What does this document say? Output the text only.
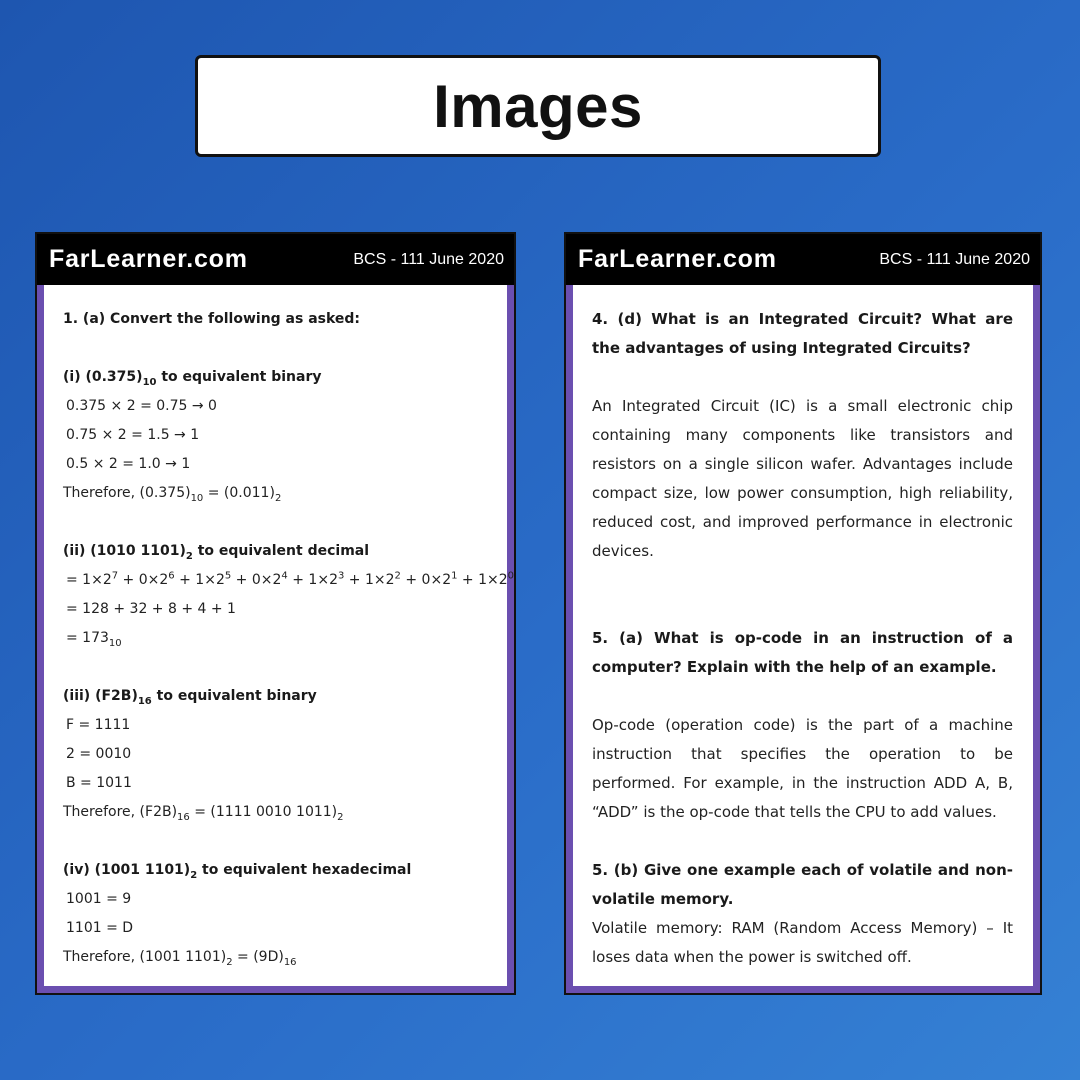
Images
FarLearner.com	BCS - 111 June 2020
1. (a) Convert the following as asked:
(i) $(0.375)_{10}$ to equivalent binary
0.375 × 2 = 0.75 → 0
0.75 × 2 = 1.5 → 1
0.5 × 2 = 1.0 → 1
Therefore, $(0.375)_{10} = (0.011)_2$
(ii) (1010 $1101)_2$ to equivalent decimal
= $1\times 2^7 + 0\times 2^6 + 1\times 2^5 + 0\times 2^4 + 1\times 2^3 + 1\times 2^2 + 0\times 2^1 + 1\times 2^0$
= 128 + 32 + 8 + 4 + 1
= $173_{10}$
(iii) $(F2B)_{16}$ to equivalent binary
F = 1111
2 = 0010
B = 1011
Therefore, $(F2B)_{16} = (1111$ 0010 $1011)_2$
(iv) (1001 $1101)_2$ to equivalent hexadecimal
1001 = 9
1101 = D
Therefore, (1001 $1101)_2 = (9D)_{16}$
FarLearner.com	BCS - 111 June 2020
4. (d) What is an Integrated Circuit? What are the advantages of using Integrated Circuits?
An Integrated Circuit (IC) is a small electronic chip containing many components like transistors and resistors on a single silicon wafer. Advantages include compact size, low power consumption, high reliability, reduced cost, and improved performance in electronic devices.
5. (a) What is op-code in an instruction of a computer? Explain with the help of an example.
Op-code (operation code) is the part of a machine instruction that specifies the operation to be performed. For example, in the instruction ADD A, B, “ADD” is the op-code that tells the CPU to add values.
5. (b) Give one example each of volatile and non-volatile memory.
Volatile memory: RAM (Random Access Memory) – It loses data when the power is switched off.
